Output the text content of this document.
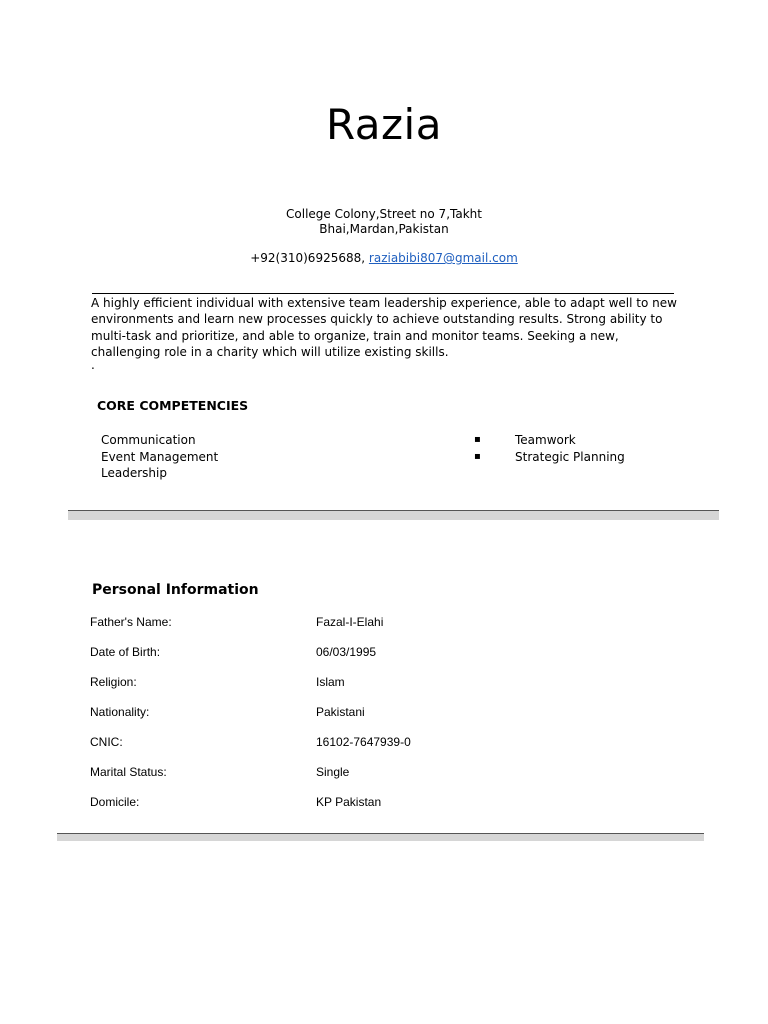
Razia
College Colony,Street no 7,Takht
Bhai,Mardan,Pakistan
+92(310)6925688, raziabibi807@gmail.com
A highly efficient individual with extensive team leadership experience, able to adapt well to new environments and learn new processes quickly to achieve outstanding results. Strong ability to multi-task and prioritize, and able to organize, train and monitor teams. Seeking a new, challenging role in a charity which will utilize existing skills.
.
CORE COMPETENCIES
Communication
Event Management
Leadership
▪
▪
Teamwork
Strategic Planning
Personal Information
Father's Name:	Fazal-I-Elahi
Date of Birth:	06/03/1995
Religion:	Islam
Nationality:	Pakistani
CNIC:	16102-7647939-0
Marital Status:	Single
Domicile:	KP Pakistan
